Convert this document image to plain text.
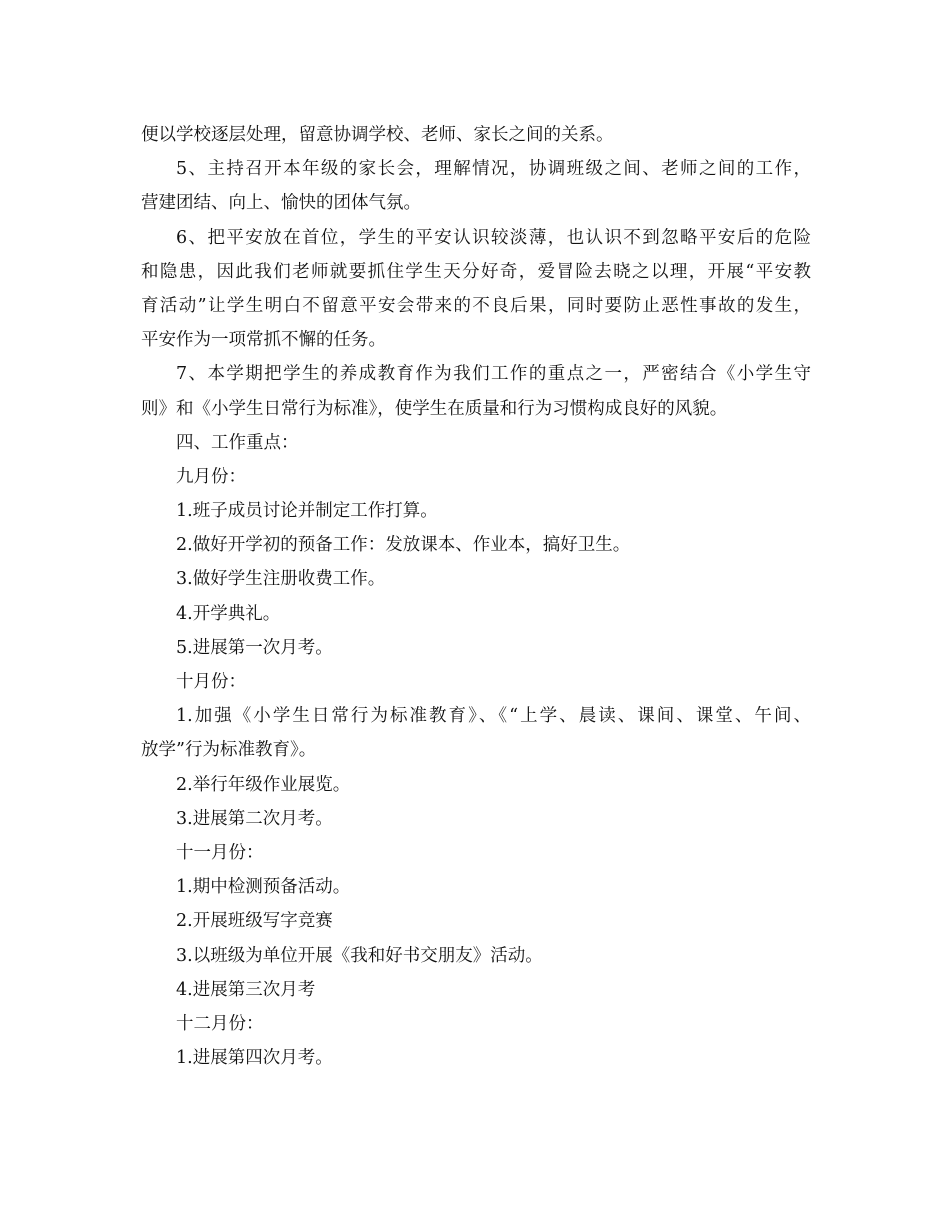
便以学校逐层处理，留意协调学校、老师、家长之间的关系。
5、主持召开本年级的家长会，理解情况，协调班级之间、老师之间的工作，
营建团结、向上、愉快的团体气氛。
6、把平安放在首位，学生的平安认识较淡薄，也认识不到忽略平安后的危险
和隐患，因此我们老师就要抓住学生天分好奇，爱冒险去晓之以理，开展“平安教
育活动”让学生明白不留意平安会带来的不良后果，同时要防止恶性事故的发生，
平安作为一项常抓不懈的任务。
7、本学期把学生的养成教育作为我们工作的重点之一，严密结合《小学生守
则》和《小学生日常行为标准》，使学生在质量和行为习惯构成良好的风貌。
四、工作重点：
九月份：
1.班子成员讨论并制定工作打算。
2.做好开学初的预备工作：发放课本、作业本，搞好卫生。
3.做好学生注册收费工作。
4.开学典礼。
5.进展第一次月考。
十月份：
1.加强《小学生日常行为标准教育》、《“上学、晨读、课间、课堂、午间、
放学”行为标准教育》。
2.举行年级作业展览。
3.进展第二次月考。
十一月份：
1.期中检测预备活动。
2.开展班级写字竞赛
3.以班级为单位开展《我和好书交朋友》活动。
4.进展第三次月考
十二月份：
1.进展第四次月考。
